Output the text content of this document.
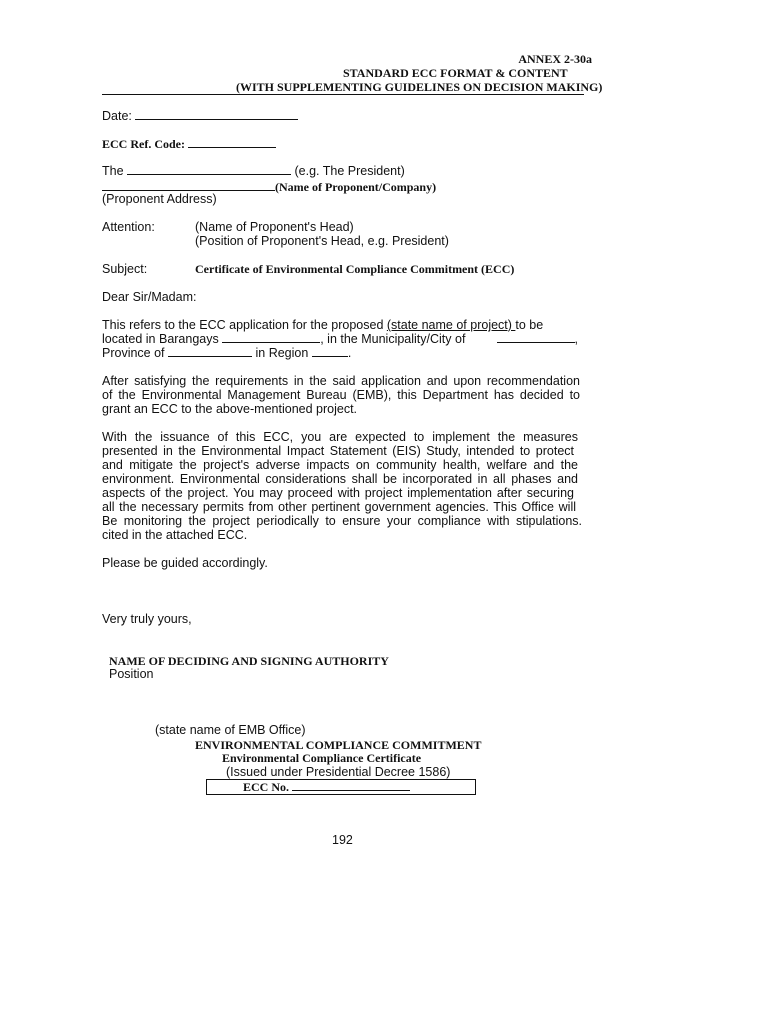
ANNEX 2-30a
STANDARD ECC FORMAT & CONTENT
(WITH SUPPLEMENTING GUIDELINES ON DECISION MAKING)
Date:
ECC Ref. Code:
The	(e.g. The President)
(Name of Proponent/Company)
(Proponent Address)
Attention:	(Name of Proponent's Head)
(Position of Proponent's Head, e.g. President)
Subject:	Certificate of Environmental Compliance Commitment (ECC)
Dear Sir/Madam:

This refers to the ECC application for the proposed (state name of project) to be

located in Barangays	, in the Municipality/City of	,

Province of	in Region	.

After satisfying the requirements in the said application and upon recommendation

of the Environmental Management Bureau (EMB), this Department has decided to

grant an ECC to the above-mentioned project.

With the issuance of this ECC, you are expected to implement the measures

presented in the Environmental Impact Statement (EIS) Study, intended to protect

and mitigate the project's adverse impacts on community health, welfare and the

environment. Environmental considerations shall be incorporated in all phases and

aspects of the project. You may proceed with project implementation after securing

all the necessary permits from other pertinent government agencies. This Office will

Be monitoring the project periodically to ensure your compliance with stipulations.

cited in the attached ECC.

Please be guided accordingly.
Very truly yours,
NAME OF DECIDING AND SIGNING AUTHORITY
Position
(state name of EMB Office)
ENVIRONMENTAL COMPLIANCE COMMITMENT
Environmental Compliance Certificate
(Issued under Presidential Decree 1586)
ECC No.
192
